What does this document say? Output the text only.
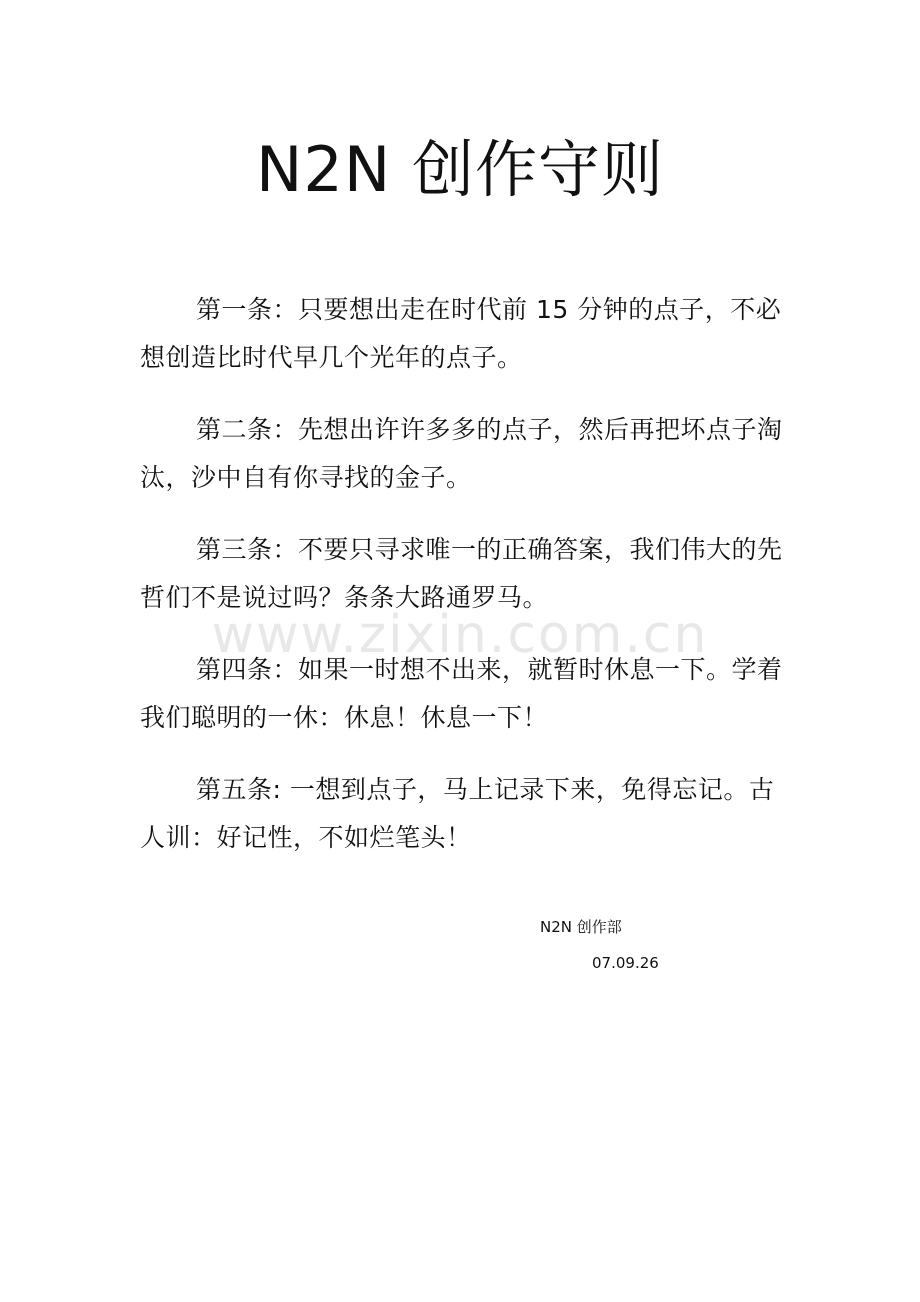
N2N 创作守则

第一条：只要想出走在时代前 15 分钟的点子，不必想创造比时代早几个光年的点子。

第二条：先想出许许多多的点子，然后再把坏点子淘汰，沙中自有你寻找的金子。

第三条：不要只寻求唯一的正确答案，我们伟大的先哲们不是说过吗？条条大路通罗马。

第四条：如果一时想不出来，就暂时休息一下。学着我们聪明的一休：休息！休息一下！

第五条: 一想到点子，马上记录下来，免得忘记。古人训：好记性，不如烂笔头！

www.zixin.com.cn
N2N 创作部
07.09.26
